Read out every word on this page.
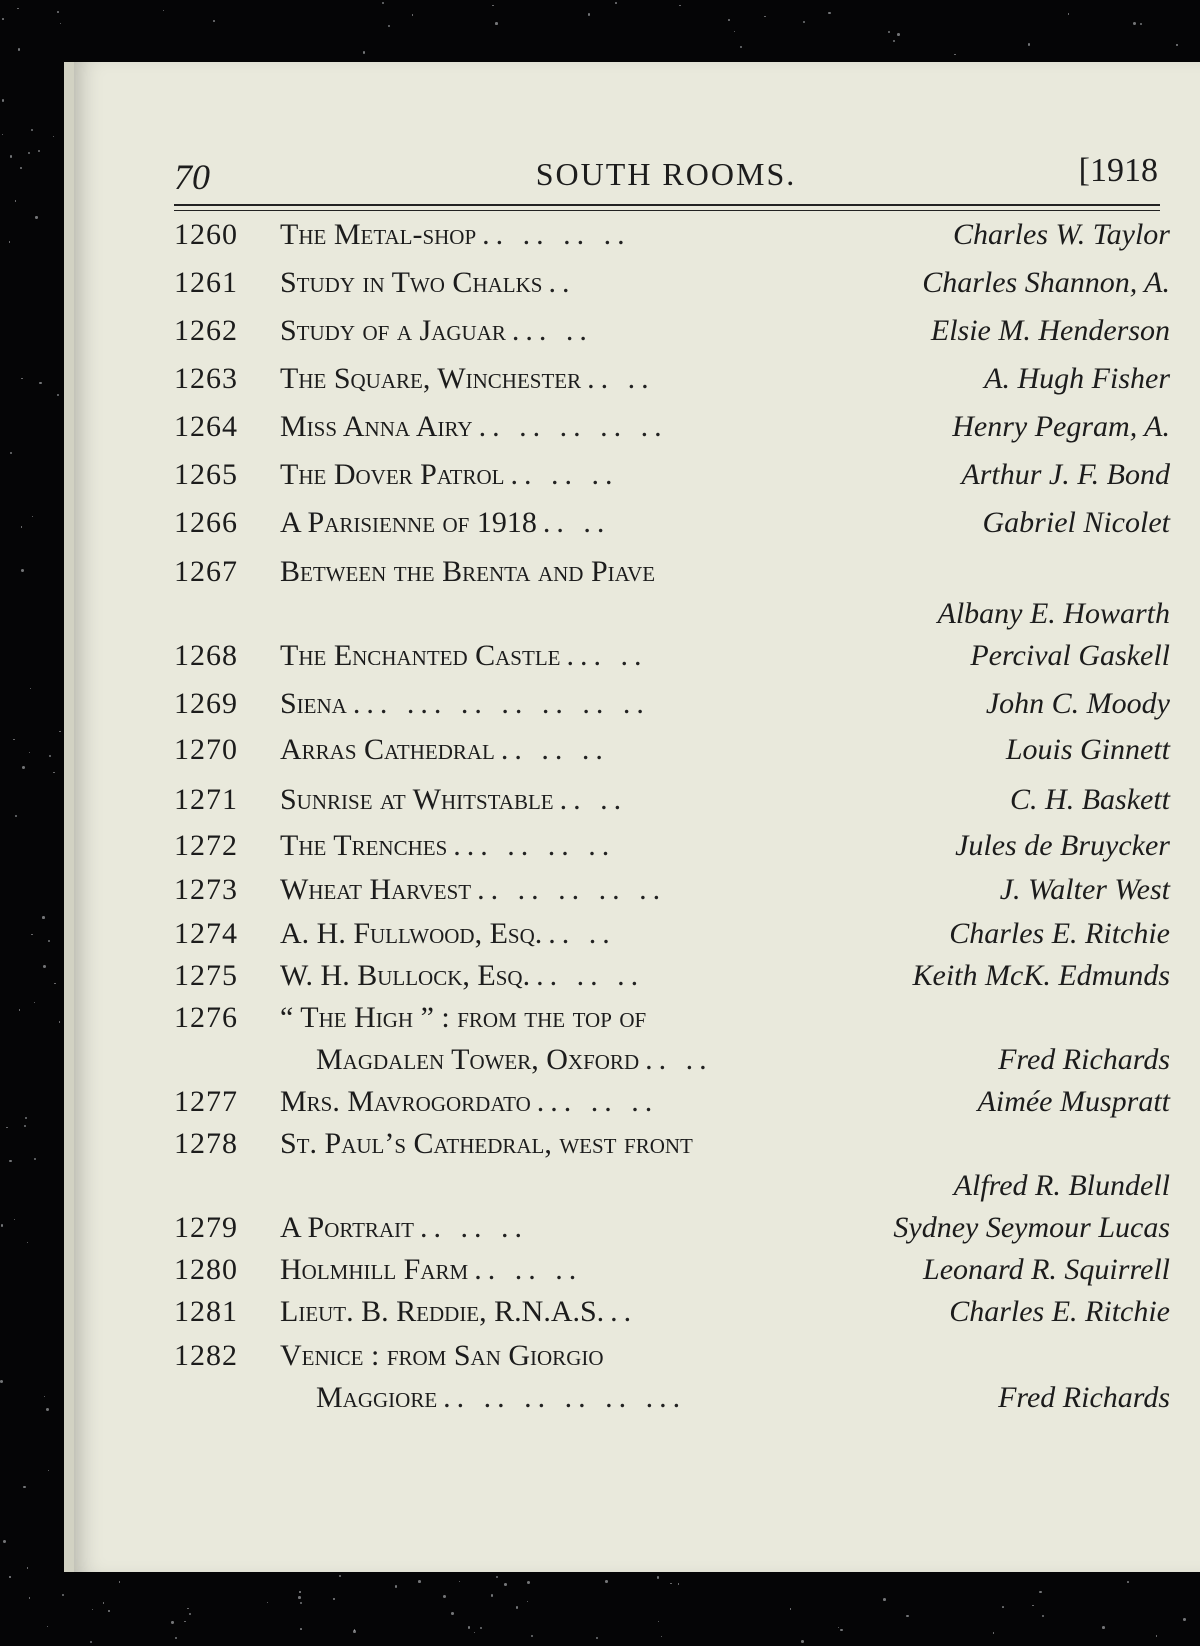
70	SOUTH ROOMS.	[1918
1260	The Metal-shop .. .. .. ..	Charles W. Taylor
1261	Study in Two Chalks ..	Charles Shannon, A.
1262	Study of a Jaguar ... ..	Elsie M. Henderson
1263	The Square, Winchester .. ..	A. Hugh Fisher
1264	Miss Anna Airy .. .. .. .. ..	Henry Pegram, A.
1265	The Dover Patrol .. .. ..	Arthur J. F. Bond
1266	A Parisienne of 1918 .. ..	Gabriel Nicolet
1267	Between the Brenta and Piave
Albany E. Howarth
1268	The Enchanted Castle ... ..	Percival Gaskell
1269	Siena ... ... .. .. .. .. ..	John C. Moody
1270	Arras Cathedral .. .. ..	Louis Ginnett
1271	Sunrise at Whitstable .. ..	C. H. Baskett
1272	The Trenches ... .. .. ..	Jules de Bruycker
1273	Wheat Harvest .. .. .. .. ..	J. Walter West
1274	A. H. Fullwood, Esq. .. ..	Charles E. Ritchie
1275	W. H. Bullock, Esq. .. .. ..	Keith McK. Edmunds
1276	“ The High ” : from the top of
Magdalen Tower, Oxford .. ..	Fred Richards
1277	Mrs. Mavrogordato ... .. ..	Aimée Muspratt
1278	St. Paul’s Cathedral, west front
Alfred R. Blundell
1279	A Portrait .. .. ..	Sydney Seymour Lucas
1280	Holmhill Farm .. .. ..	Leonard R. Squirrell
1281	Lieut. B. Reddie, R.N.A.S. ..	Charles E. Ritchie
1282	Venice : from San Giorgio
Maggiore .. .. .. .. .. ...	Fred Richards
